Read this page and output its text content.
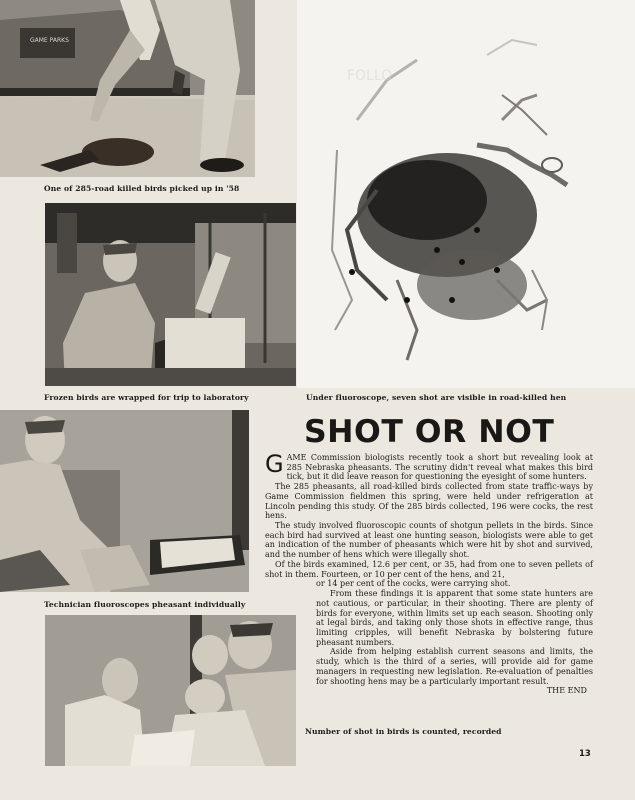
GAME PARKS
One of 285-road killed birds picked up in '58
Frozen birds are wrapped for trip to laboratory
FOLLO
Under fluoroscope, seven shot are visible in road-killed hen
Technician fluoroscopes pheasant individually
SHOT OR NOT

GAME Commission biologists recently took a short but revealing look at 285 Nebraska pheasants. The scrutiny didn't reveal what makes this bird tick, but it did leave reason for questioning the eyesight of some hunters.

The 285 pheasants, all road-killed birds collected from state traffic-ways by Game Commission fieldmen this spring, were held under refrigeration at Lincoln pending this study. Of the 285 birds collected, 196 were cocks, the rest hens.

The study involved fluoroscopic counts of shotgun pellets in the birds. Since each bird had survived at least one hunting season, biologists were able to get an indication of the number of pheasants which were hit by shot and survived, and the number of hens which were illegally shot.

Of the birds examined, 12.6 per cent, or 35, had from one to seven pellets of shot in them. Fourteen, or 10 per cent of the hens, and 21,

or 14 per cent of the cocks, were carrying shot.

From these findings it is apparent that some state hunters are not cautious, or particular, in their shooting. There are plenty of birds for everyone, within limits set up each season. Shooting only at legal birds, and taking only those shots in effective range, thus limiting cripples, will benefit Nebraska by bolstering future pheasant numbers.

Aside from helping establish current seasons and limits, the study, which is the third of a series, will provide aid for game managers in requesting new legislation. Re-evaluation of penalties for shooting hens may be a particularly important result.
THE END

Number of shot in birds is counted, recorded
13
